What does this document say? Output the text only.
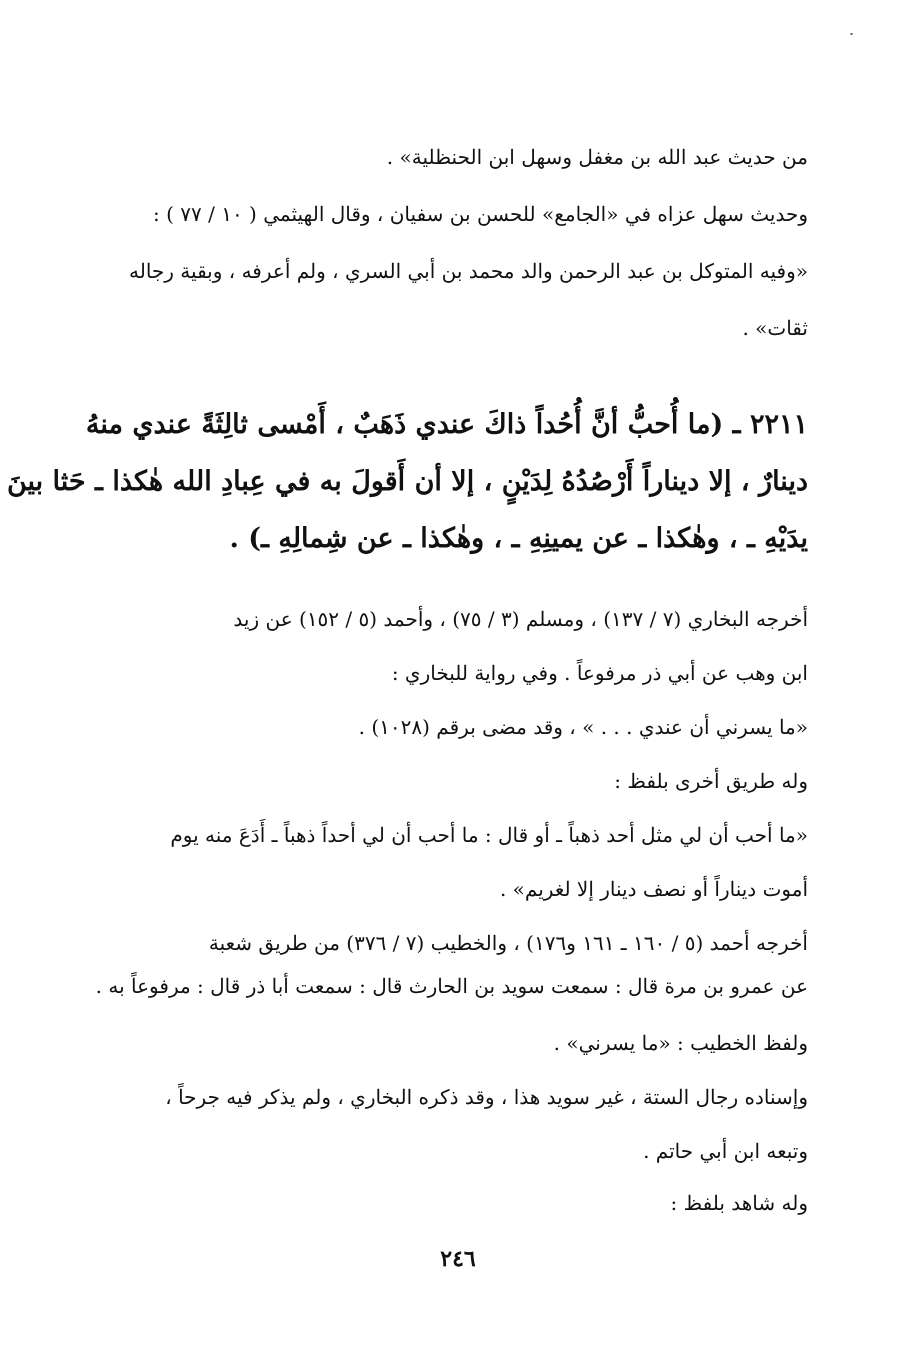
من حديث عبد الله بن مغفل وسهل ابن الحنظلية» .
وحديث سهل عزاه في «الجامع» للحسن بن سفيان ، وقال الهيثمي ( ١٠ / ٧٧ ) :
«وفيه المتوكل بن عبد الرحمن والد محمد بن أبي السري ، ولم أعرفه ، وبقية رجاله
ثقات» .
٢٢١١ ـ (ما أُحبُّ أنَّ أُحُداً ذاكَ عندي ذَهَبٌ ، أَمْسى ثالِثَةً عندي منهُ
دينارٌ ، إلا ديناراً أَرْصُدُهُ لِدَيْنٍ ، إلا أن أَقولَ به في عِبادِ الله هٰكذا ـ حَثا بينَ
يدَيْهِ ـ ، وهٰكذا ـ عن يمينِهِ ـ ، وهٰكذا ـ عن شِمالِهِ ـ) .
أخرجه البخاري (٧ / ١٣٧) ، ومسلم (٣ / ٧٥) ، وأحمد (٥ / ١٥٢) عن زيد
ابن وهب عن أبي ذر مرفوعاً . وفي رواية للبخاري :
«ما يسرني أن عندي . . . » ، وقد مضى برقم (١٠٢٨) .
وله طريق أخرى بلفظ :
«ما أحب أن لي مثل أحد ذهباً ـ أو قال : ما أحب أن لي أحداً ذهباً ـ أَدَعَ منه يوم
أموت ديناراً أو نصف دينار إلا لغريم» .
أخرجه أحمد (٥ / ١٦٠ ـ ١٦١ و١٧٦) ، والخطيب (٧ / ٣٧٦) من طريق شعبة
عن عمرو بن مرة قال : سمعت سويد بن الحارث قال : سمعت أبا ذر قال : مرفوعاً به .
ولفظ الخطيب : «ما يسرني» .
وإسناده رجال الستة ، غير سويد هذا ، وقد ذكره البخاري ، ولم يذكر فيه جرحاً ،
وتبعه ابن أبي حاتم .
وله شاهد بلفظ :
٢٤٦
